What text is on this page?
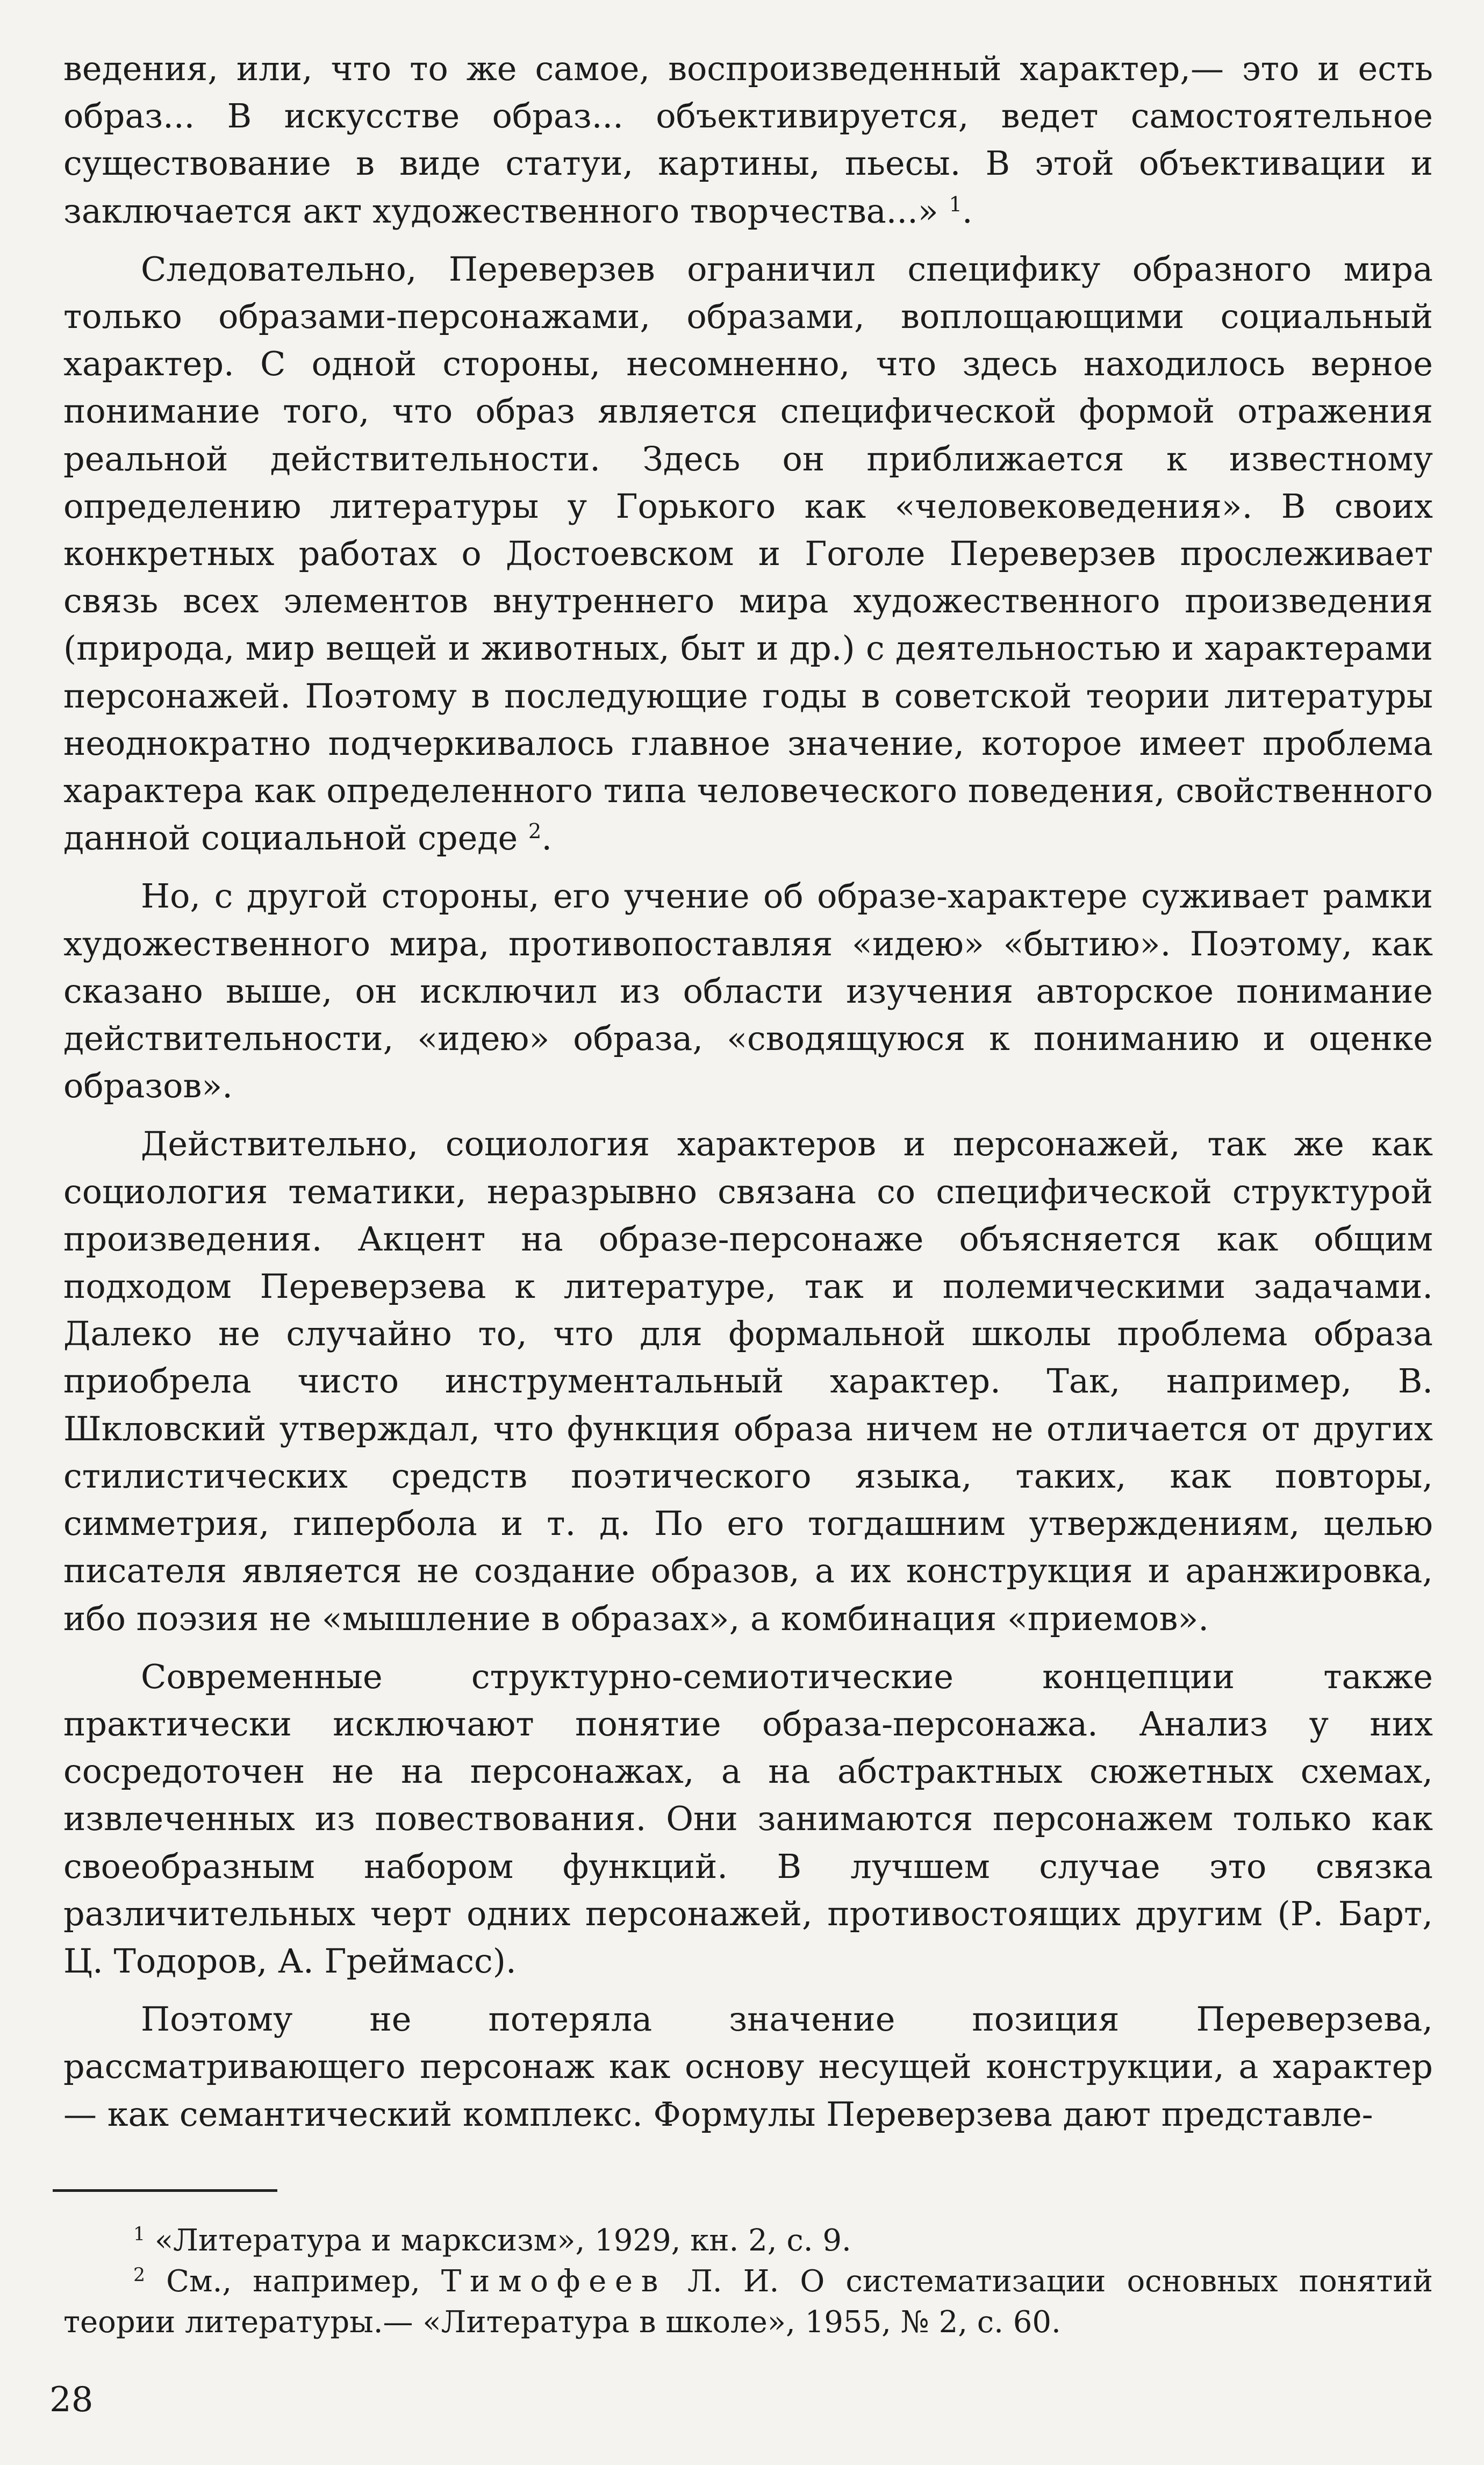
ведения, или, что то же самое, воспроизведенный характер,— это и есть образ... В искусстве образ... объективируется, ведет самостоятельное существование в виде статуи, картины, пьесы. В этой объективации и заключается акт художественного творчества...» $^1$.

Следовательно, Переверзев ограничил специфику образного мира только образами-персонажами, образами, воплощающими социальный характер. С одной стороны, несомненно, что здесь находилось верное понимание того, что образ является специфической формой отражения реальной действительности. Здесь он приближается к известному определению литературы у Горького как «человековедения». В своих конкретных работах о Достоевском и Гоголе Переверзев прослеживает связь всех элементов внутреннего мира художественного произведения (природа, мир вещей и животных, быт и др.) с деятельностью и характерами персонажей. Поэтому в последующие годы в советской теории литературы неоднократно подчеркивалось главное значение, которое имеет проблема характера как определенного типа человеческого поведения, свойственного данной социальной среде $^2$.

Но, с другой стороны, его учение об образе-характере суживает рамки художественного мира, противопоставляя «идею» «бытию». Поэтому, как сказано выше, он исключил из области изучения авторское понимание действительности, «идею» образа, «сводящуюся к пониманию и оценке образов».

Действительно, социология характеров и персонажей, так же как социология тематики, неразрывно связана со специфической структурой произведения. Акцент на образе-персонаже объясняется как общим подходом Переверзева к литературе, так и полемическими задачами. Далеко не случайно то, что для формальной школы проблема образа приобрела чисто инструментальный характер. Так, например, В. Шкловский утверждал, что функция образа ничем не отличается от других стилистических средств поэтического языка, таких, как повторы, симметрия, гипербола и т. д. По его тогдашним утверждениям, целью писателя является не создание образов, а их конструкция и аранжировка, ибо поэзия не «мышление в образах», а комбинация «приемов».

Современные структурно-семиотические концепции также практически исключают понятие образа-персонажа. Анализ у них сосредоточен не на персонажах, а на абстрактных сюжетных схемах, извлеченных из повествования. Они занимаются персонажем только как своеобразным набором функций. В лучшем случае это связка различительных черт одних персонажей, противостоящих другим (Р. Барт, Ц. Тодоров, А. Греймасс).

Поэтому не потеряла значение позиция Переверзева, рассматривающего персонаж как основу несущей конструкции, а характер — как семантический комплекс. Формулы Переверзева дают представле-

$^1$ «Литература и марксизм», 1929, кн. 2, с. 9.

$^2$ См., например, Тимофеев Л. И. О систематизации основных понятий теории литературы.— «Литература в школе», 1955, № 2, с. 60.

28
